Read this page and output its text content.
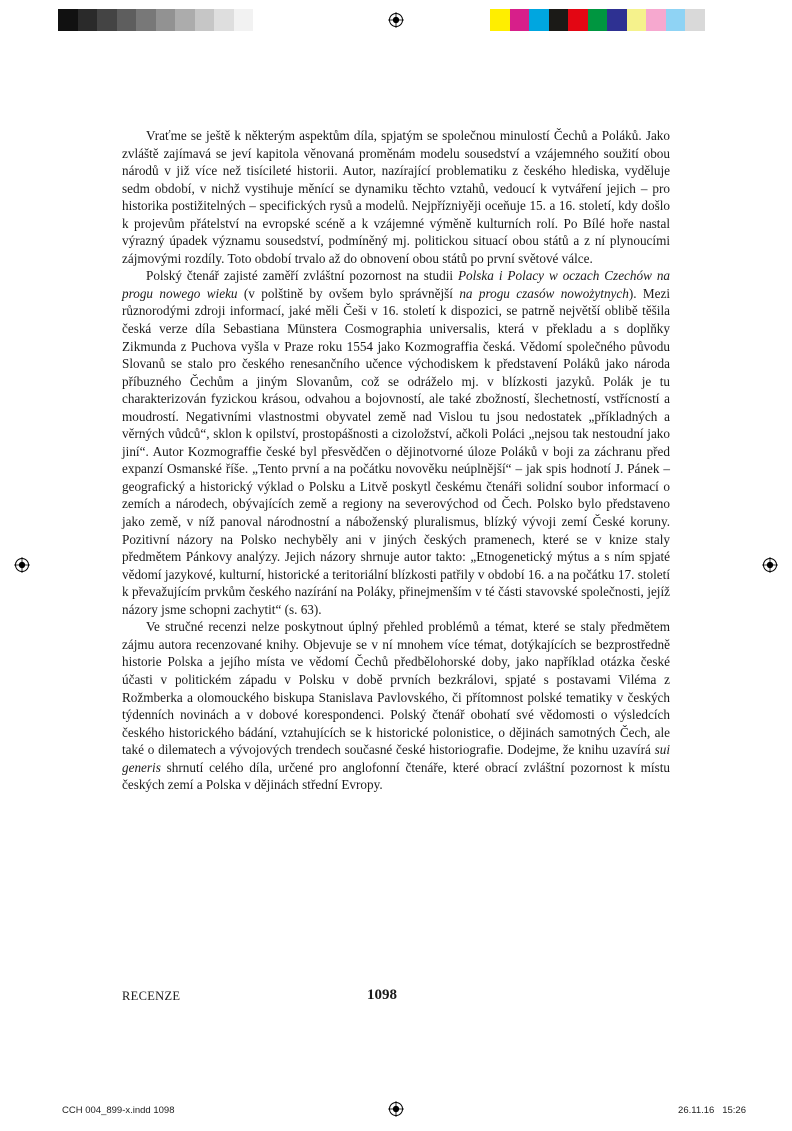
Vraťme se ještě k některým aspektům díla, spjatým se společnou minulostí Čechů a Poláků. Jako zvláště zajímavá se jeví kapitola věnovaná proměnám modelu sousedství a vzájemného soužití obou národů v již více než tisícileté historii. Autor, nazírající problematiku z českého hlediska, vyděluje sedm období, v nichž vystihuje měnící se dynamiku těchto vztahů, vedoucí k vytváření jejich – pro historika postižitelných – specifických rysů a modelů. Nejpřízniyěji oceňuje 15. a 16. století, kdy došlo k projevům přátelství na evropské scéně a k vzájemné výměně kulturních rolí. Po Bílé hoře nastal výrazný úpadek významu sousedství, podmíněný mj. politickou situací obou států a z ní plynoucími zájmovými rozdíly. Toto období trvalo až do obnovení obou států po první světové válce.

Polský čtenář zajisté zaměří zvláštní pozornost na studii Polska i Polacy w oczach Czechów na progu nowego wieku (v polštině by ovšem bylo správnější na progu czasów nowożytnych). Mezi různorodými zdroji informací, jaké měli Češi v 16. století k dispozici, se patrně největší oblibě těšila česká verze díla Sebastiana Münstera Cosmographia universalis, která v překladu a s doplňky Zikmunda z Puchova vyšla v Praze roku 1554 jako Kozmograffia česká. Vědomí společného původu Slovanů se stalo pro českého renesančního učence východiskem k představení Poláků jako národa příbuzného Čechům a jiným Slovanům, což se odráželo mj. v blízkosti jazyků. Polák je tu charakterizován fyzickou krásou, odvahou a bojovností, ale také zbožností, šlechetností, vstřícností a moudrostí. Negativními vlastnostmi obyvatel země nad Vislou tu jsou nedostatek „příkladných a věrných vůdců“, sklon k opilství, prostopášnosti a cizoložství, ačkoli Poláci „nejsou tak nestoudní jako jiní“. Autor Kozmograffie české byl přesvědčen o dějinotvorné úloze Poláků v boji za záchranu před expanzí Osmanské říše. „Tento první a na počátku novověku neúplnější“ – jak spis hodnotí J. Pánek – geografický a historický výklad o Polsku a Litvě poskytl českému čtenáři solidní soubor informací o zemích a národech, obývajících země a regiony na severovýchod od Čech. Polsko bylo představeno jako země, v níž panoval národnostní a náboženský pluralismus, blízký vývoji zemí České koruny. Pozitivní názory na Polsko nechyběly ani v jiných českých pramenech, které se v knize staly předmětem Pánkovy analýzy. Jejich názory shrnuje autor takto: „Etnogenetický mýtus a s ním spjaté vědomí jazykové, kulturní, historické a teritoriální blízkosti patřily v období 16. a na počátku 17. století k převažujícím prvkům českého nazírání na Poláky, přinejmenším v té části stavovské společnosti, jejíž názory jsme schopni zachytit“ (s. 63).

Ve stručné recenzi nelze poskytnout úplný přehled problémů a témat, které se staly předmětem zájmu autora recenzované knihy. Objevuje se v ní mnohem více témat, dotýkajících se bezprostředně historie Polska a jejího místa ve vědomí Čechů předbělohorské doby, jako například otázka české účasti v politickém západu v Polsku v době prvních bezkrálovi, spjaté s postavami Viléma z Rožmberka a olomouckého biskupa Stanislava Pavlovského, či přítomnost polské tematiky v českých týdenních novinách a v dobové korespondenci. Polský čtenář obohatí své vědomosti o výsledcích českého historického bádání, vztahujících se k historické polonistice, o dějinách samotných Čech, ale také o dilematech a vývojových trendech současné české historiografie. Dodejme, že knihu uzavírá sui generis shrnutí celého díla, určené pro anglofonní čtenáře, které obrací zvláštní pozornost k místu českých zemí a Polska v dějinách střední Evropy.

RECENZE	1098
CCH 004_899-x.indd 1098	26.11.16   15:26
